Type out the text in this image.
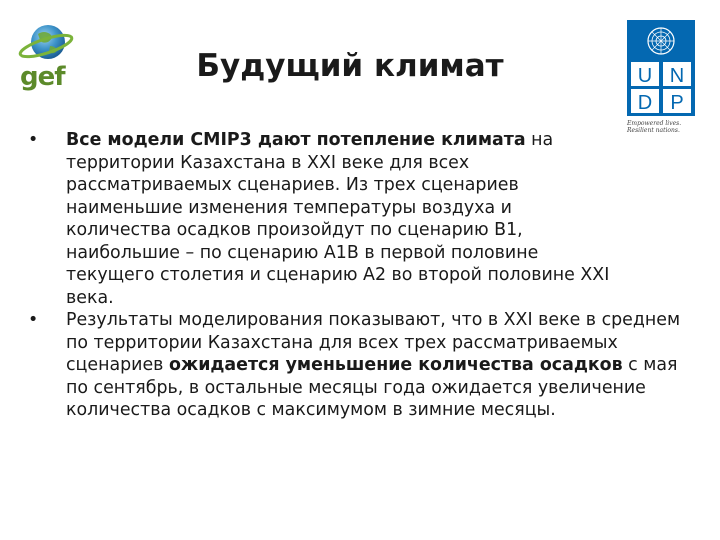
gef	Будущий климат	U N
D P
Empowered lives.
Resilient nations.
•	Все модели CMIP3 дают потепление климата на территории Казахстана в XXI веке для всех рассматриваемых сценариев. Из трех сценариев наименьшие изменения температуры воздуха и количества осадков произойдут по сценарию B1, наибольшие – по сценарию A1B в первой половине текущего столетия и сценарию A2 во второй половине XXI века.
•	Результаты моделирования показывают, что в XXI веке в среднем по территории Казахстана для всех трех рассматриваемых сценариев ожидается уменьшение количества осадков с мая по сентябрь, в остальные месяцы года ожидается увеличение количества осадков с максимумом в зимние месяцы.
